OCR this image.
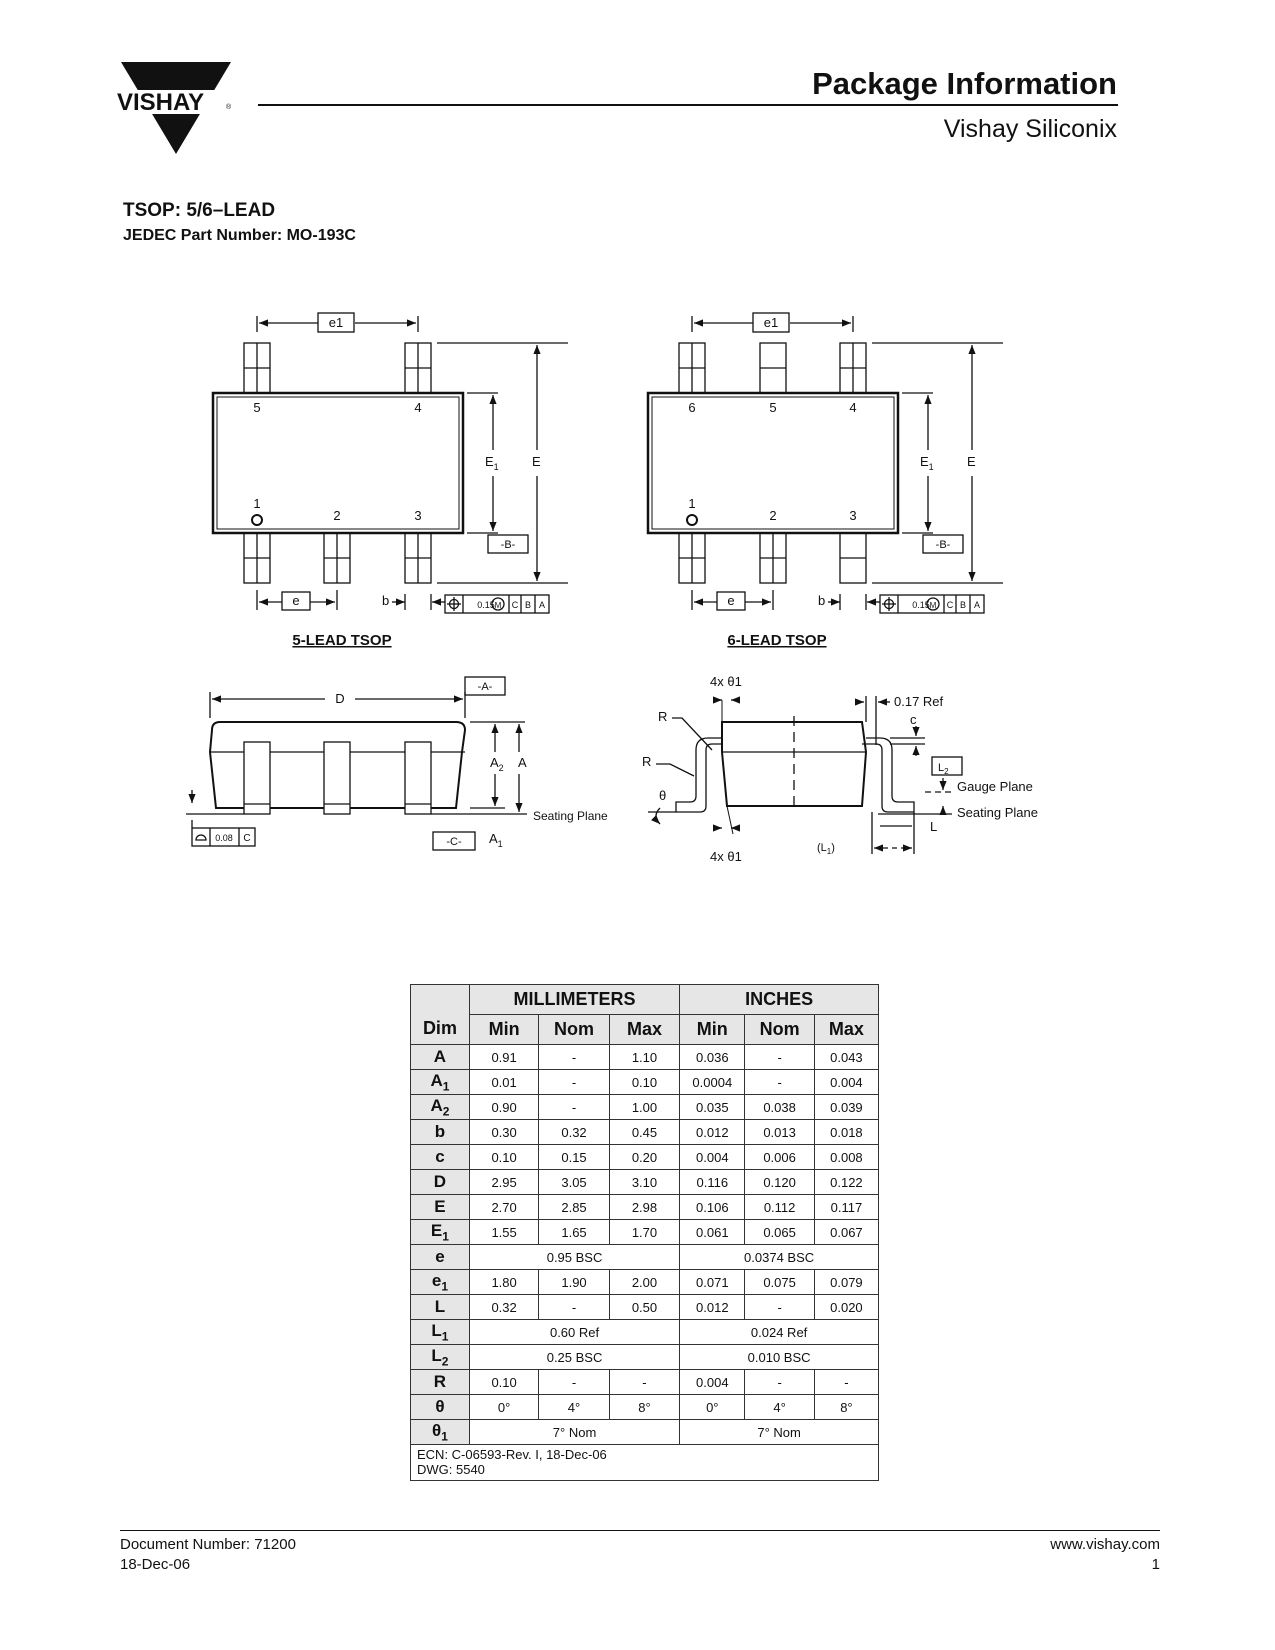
VISHAY	®
Package Information
Vishay Siliconix
TSOP: 5/6–LEAD
JEDEC Part Number: MO-193C
5	4
1
2	3
e1
$E_1$	E
-B-
e	b	0.15 M C B A
5-LEAD TSOP
6	5	4
1
2	3
e1
$E_1$	E
-B-
e	b	0.15 M C B A
6-LEAD TSOP
D
-A-
$A_2$ A
Seating Plane
-C- $A_1$
0.08 C
4x θ1
4x θ1
R
R
θ
0.17 Ref
c
$L_2$
Gauge Plane
Seating Plane
L
$(L_1)$
Dim	MILLIMETERS			INCHES		
	Min	Nom	Max	Min	Nom	Max
A	0.91	-	1.10	0.036	-	0.043
$A_1$	0.01	-	0.10	0.0004	-	0.004
$A_2$	0.90	-	1.00	0.035	0.038	0.039
b	0.30	0.32	0.45	0.012	0.013	0.018
c	0.10	0.15	0.20	0.004	0.006	0.008
D	2.95	3.05	3.10	0.116	0.120	0.122
E	2.70	2.85	2.98	0.106	0.112	0.117
$E_1$	1.55	1.65	1.70	0.061	0.065	0.067
e	0.95 BSC			0.0374 BSC		
$e_1$	1.80	1.90	2.00	0.071	0.075	0.079
L	0.32	-	0.50	0.012	-	0.020
$L_1$	0.60 Ref			0.024 Ref		
$L_2$	0.25 BSC			0.010 BSC		
R	0.10	-	-	0.004	-	-
θ	0°	4°	8°	0°	4°	8°
$\theta_1$	7° Nom			7° Nom		

ECN: C-06593-Rev. I, 18-Dec-06
DWG: 5540						
Document Number: 71200
18-Dec-06
www.vishay.com
1
